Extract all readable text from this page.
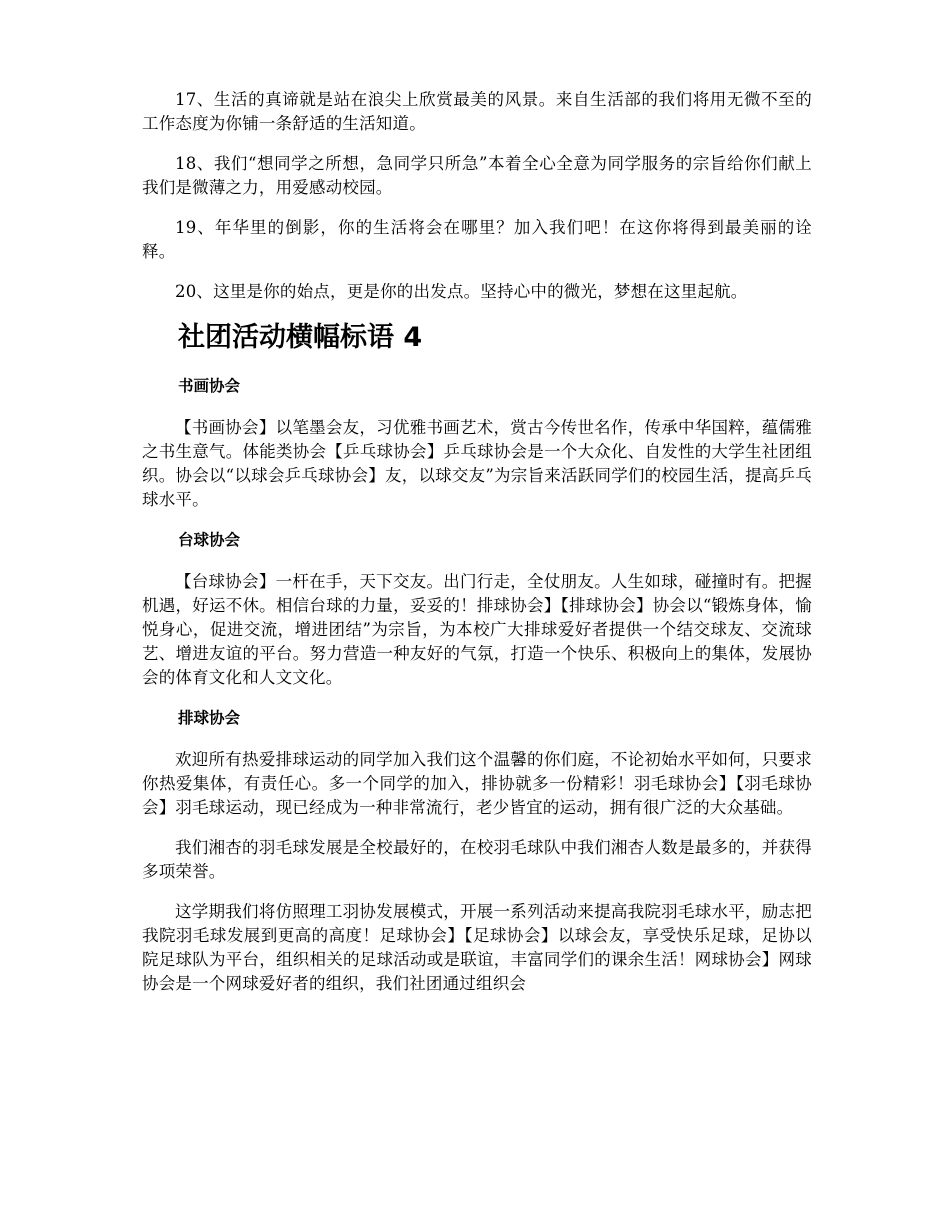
17、生活的真谛就是站在浪尖上欣赏最美的风景。来自生活部的我们将用无微不至的工作态度为你铺一条舒适的生活知道。

18、我们“想同学之所想，急同学只所急”本着全心全意为同学服务的宗旨给你们献上我们是微薄之力，用爱感动校园。

19、年华里的倒影，你的生活将会在哪里？加入我们吧！在这你将得到最美丽的诠释。

20、这里是你的始点，更是你的出发点。坚持心中的微光，梦想在这里起航。

社团活动横幅标语 4
书画协会

【书画协会】以笔墨会友，习优雅书画艺术，赏古今传世名作，传承中华国粹，蕴儒雅之书生意气。体能类协会【乒乓球协会】乒乓球协会是一个大众化、自发性的大学生社团组织。协会以“以球会乒乓球协会】友，以球交友”为宗旨来活跃同学们的校园生活，提高乒乓球水平。

台球协会

【台球协会】一杆在手，天下交友。出门行走，全仗朋友。人生如球，碰撞时有。把握机遇，好运不休。相信台球的力量，妥妥的！排球协会】【排球协会】协会以“锻炼身体，愉悦身心，促进交流，增进团结”为宗旨，为本校广大排球爱好者提供一个结交球友、交流球艺、增进友谊的平台。努力营造一种友好的气氛，打造一个快乐、积极向上的集体，发展协会的体育文化和人文文化。

排球协会

欢迎所有热爱排球运动的同学加入我们这个温馨的你们庭，不论初始水平如何，只要求你热爱集体，有责任心。多一个同学的加入，排协就多一份精彩！羽毛球协会】【羽毛球协会】羽毛球运动，现已经成为一种非常流行，老少皆宜的运动，拥有很广泛的大众基础。

我们湘杏的羽毛球发展是全校最好的，在校羽毛球队中我们湘杏人数是最多的，并获得多项荣誉。

这学期我们将仿照理工羽协发展模式，开展一系列活动来提高我院羽毛球水平，励志把我院羽毛球发展到更高的高度！足球协会】【足球协会】以球会友，享受快乐足球，足协以院足球队为平台，组织相关的足球活动或是联谊，丰富同学们的课余生活！网球协会】网球协会是一个网球爱好者的组织，我们社团通过组织会
